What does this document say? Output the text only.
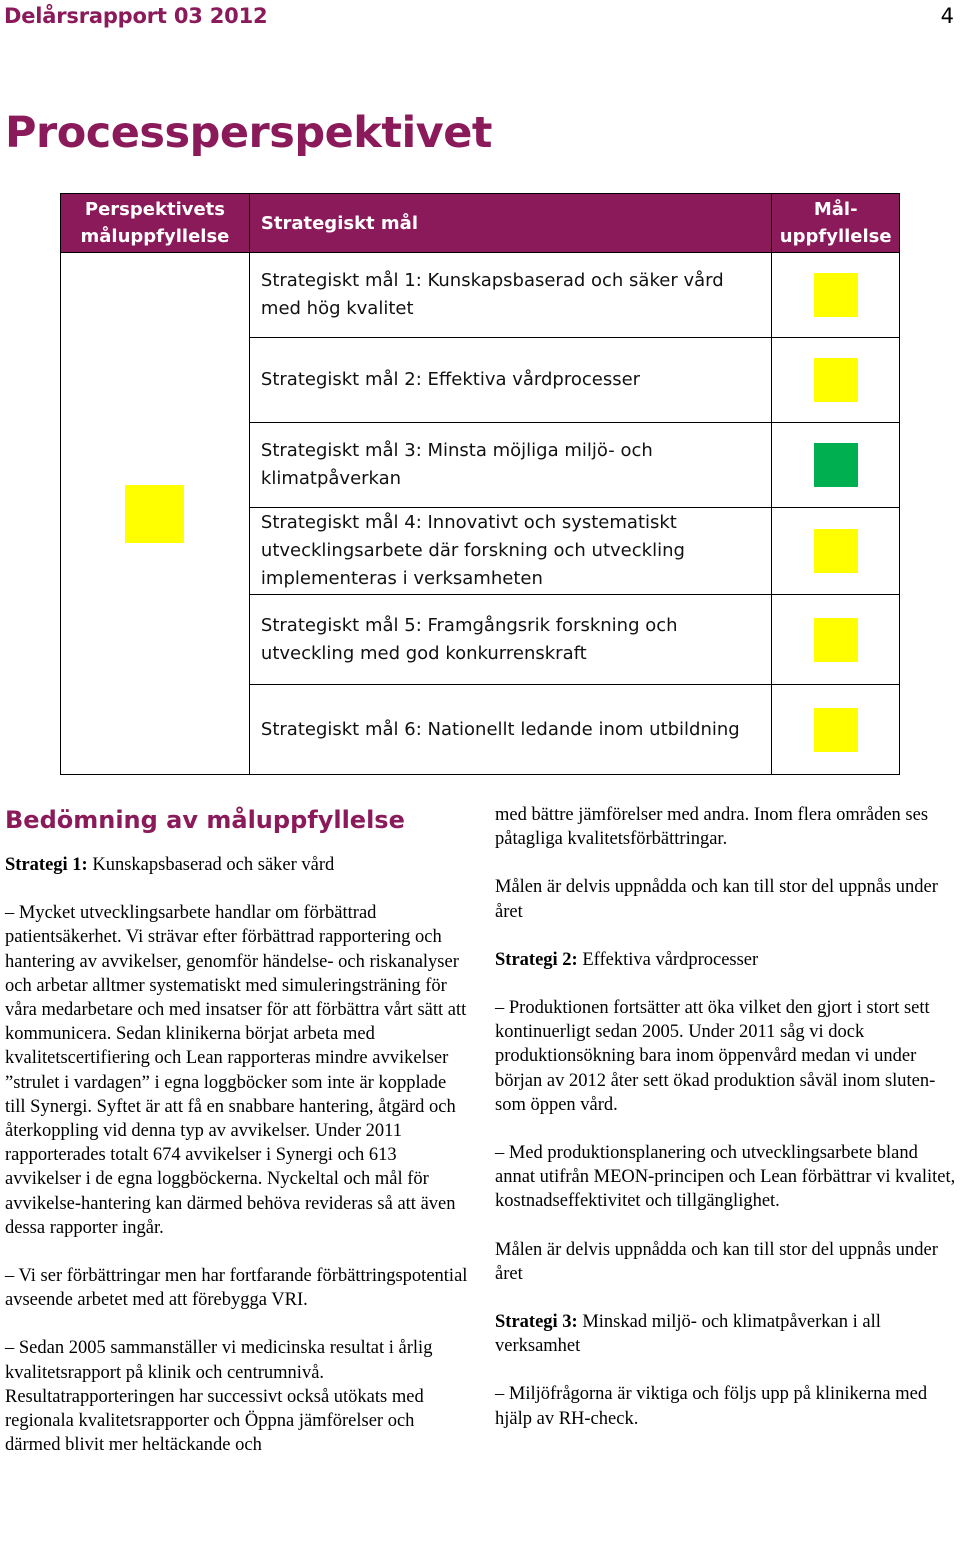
Delårsrapport 03 2012	4
Processperspektivet
Perspektivets måluppfyllelse	Strategiskt mål	Mål-uppfyllelse

	Strategiskt mål 1: Kunskapsbaserad och säker vård med hög kvalitet	
	Strategiskt mål 2: Effektiva vårdprocesser	
	Strategiskt mål 3: Minsta möjliga miljö- och klimatpåverkan	
	Strategiskt mål 4: Innovativt och systematiskt utvecklingsarbete där forskning och utveckling implementeras i verksamheten	
	Strategiskt mål 5: Framgångsrik forskning och utveckling med god konkurrenskraft	
	Strategiskt mål 6: Nationellt ledande inom utbildning	
Bedömning av måluppfyllelse

Strategi 1: Kunskapsbaserad och säker vård

– Mycket utvecklingsarbete handlar om förbättrad patientsäkerhet. Vi strävar efter förbättrad rapportering och hantering av avvikelser, genomför händelse- och riskanalyser och arbetar alltmer systematiskt med simuleringsträning för våra medarbetare och med insatser för att förbättra vårt sätt att kommunicera. Sedan klinikerna börjat arbeta med kvalitetscertifiering och Lean rapporteras mindre avvikelser ”strulet i vardagen” i egna loggböcker som inte är kopplade till Synergi. Syftet är att få en snabbare hantering, åtgärd och återkoppling vid denna typ av avvikelser. Under 2011 rapporterades totalt 674 avvikelser i Synergi och 613 avvikelser i de egna loggböckerna. Nyckeltal och mål för avvikelse-hantering kan därmed behöva revideras så att även dessa rapporter ingår.

– Vi ser förbättringar men har fortfarande förbättringspotential avseende arbetet med att förebygga VRI.

– Sedan 2005 sammanställer vi medicinska resultat i årlig kvalitetsrapport på klinik och centrumnivå. Resultatrapporteringen har successivt också utökats med regionala kvalitetsrapporter och Öppna jämförelser och därmed blivit mer heltäckande och

med bättre jämförelser med andra. Inom flera områden ses påtagliga kvalitetsförbättringar.

Målen är delvis uppnådda och kan till stor del uppnås under året

Strategi 2: Effektiva vårdprocesser

– Produktionen fortsätter att öka vilket den gjort i stort sett kontinuerligt sedan 2005. Under 2011 såg vi dock produktionsökning bara inom öppenvård medan vi under början av 2012 åter sett ökad produktion såväl inom sluten- som öppen vård.

– Med produktionsplanering och utvecklingsarbete bland annat utifrån MEON-principen och Lean förbättrar vi kvalitet, kostnadseffektivitet och tillgänglighet.

Målen är delvis uppnådda och kan till stor del uppnås under året

Strategi 3: Minskad miljö- och klimatpåverkan i all verksamhet

– Miljöfrågorna är viktiga och följs upp på klinikerna med hjälp av RH-check.
